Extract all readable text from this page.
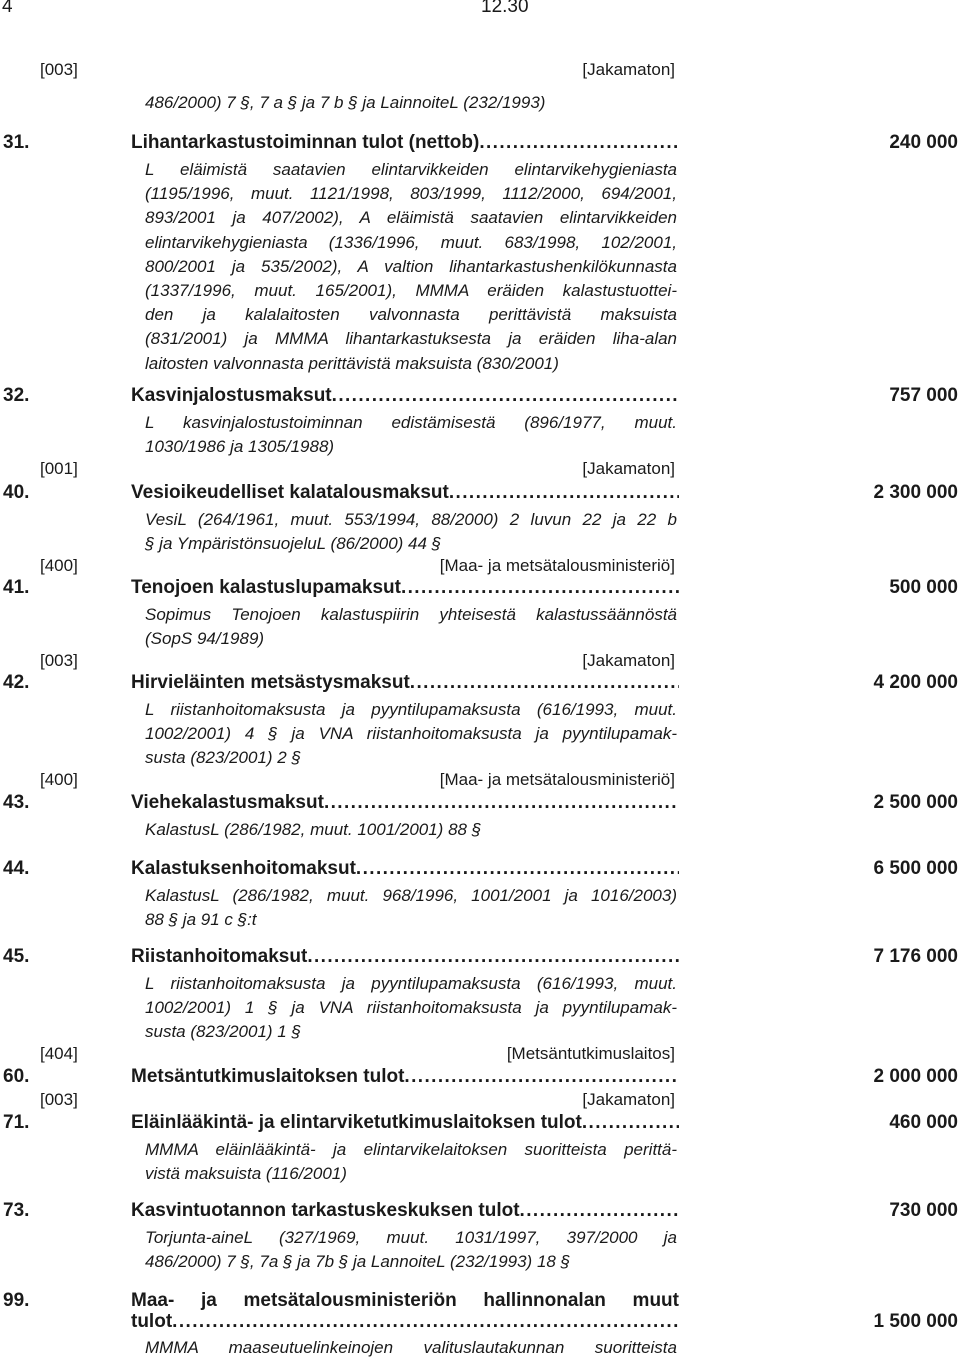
4	12.30
[003]	[Jakamaton]
486/2000) 7 §, 7 a § ja 7 b § ja LainnoiteL (232/1993)
31.	Lihantarkastustoiminnan tulot (nettob) .....	240 000
L eläimistä saatavien elintarvikkeiden elintarvikehygieniasta
(1195/1996, muut. 1121/1998, 803/1999, 1112/2000, 694/2001,
893/2001 ja 407/2002), A eläimistä saatavien elintarvikkeiden
elintarvikehygieniasta (1336/1996, muut. 683/1998, 102/2001,
800/2001 ja 535/2002), A valtion lihantarkastushenkilökunnasta
(1337/1996, muut. 165/2001), MMMA eräiden kalastustuottei-
den ja kalalaitosten valvonnasta perittävistä maksuista
(831/2001) ja MMMA lihantarkastuksesta ja eräiden liha-alan
laitosten valvonnasta perittävistä maksuista (830/2001)
32.	Kasvinjalostusmaksut .....	757 000
L kasvinjalostustoiminnan edistämisestä (896/1977, muut.
1030/1986 ja 1305/1988)
[001]	[Jakamaton]
40.	Vesioikeudelliset kalatalousmaksut .....	2 300 000
VesiL (264/1961, muut. 553/1994, 88/2000) 2 luvun 22 ja 22 b
§ ja YmpäristönsuojeluL (86/2000) 44 §
[400]	[Maa- ja metsätalousministeriö]
41.	Tenojoen kalastuslupamaksut .....	500 000
Sopimus Tenojoen kalastuspiirin yhteisestä kalastussäännöstä
(SopS 94/1989)
[003]	[Jakamaton]
42.	Hirvieläinten metsästysmaksut .....	4 200 000
L riistanhoitomaksusta ja pyyntilupamaksusta (616/1993, muut.
1002/2001) 4 § ja VNA riistanhoitomaksusta ja pyyntilupamak-
susta (823/2001) 2 §
[400]	[Maa- ja metsätalousministeriö]
43.	Viehekalastusmaksut .....	2 500 000
KalastusL (286/1982, muut. 1001/2001) 88 §
44.	Kalastuksenhoitomaksut .....	6 500 000
KalastusL (286/1982, muut. 968/1996, 1001/2001 ja 1016/2003)
88 § ja 91 c §:t
45.	Riistanhoitomaksut .....	7 176 000
L riistanhoitomaksusta ja pyyntilupamaksusta (616/1993, muut.
1002/2001) 1 § ja VNA riistanhoitomaksusta ja pyyntilupamak-
susta (823/2001) 1 §
[404]	[Metsäntutkimuslaitos]
60.	Metsäntutkimuslaitoksen tulot .....	2 000 000
[003]	[Jakamaton]
71.	Eläinlääkintä- ja elintarviketutkimuslaitoksen tulot .....	460 000
MMMA eläinlääkintä- ja elintarvikelaitoksen suoritteista perittä-
vistä maksuista (116/2001)
73.	Kasvintuotannon tarkastuskeskuksen tulot .....	730 000
Torjunta-aineL (327/1969, muut. 1031/1997, 397/2000 ja
486/2000) 7 §, 7a § ja 7b § ja LannoiteL (232/1993) 18 §
99.	Maa- ja metsätalousministeriön hallinnonalan muut
tulot .....	1 500 000
MMMA maaseutuelinkeinojen valituslautakunnan suoritteista
